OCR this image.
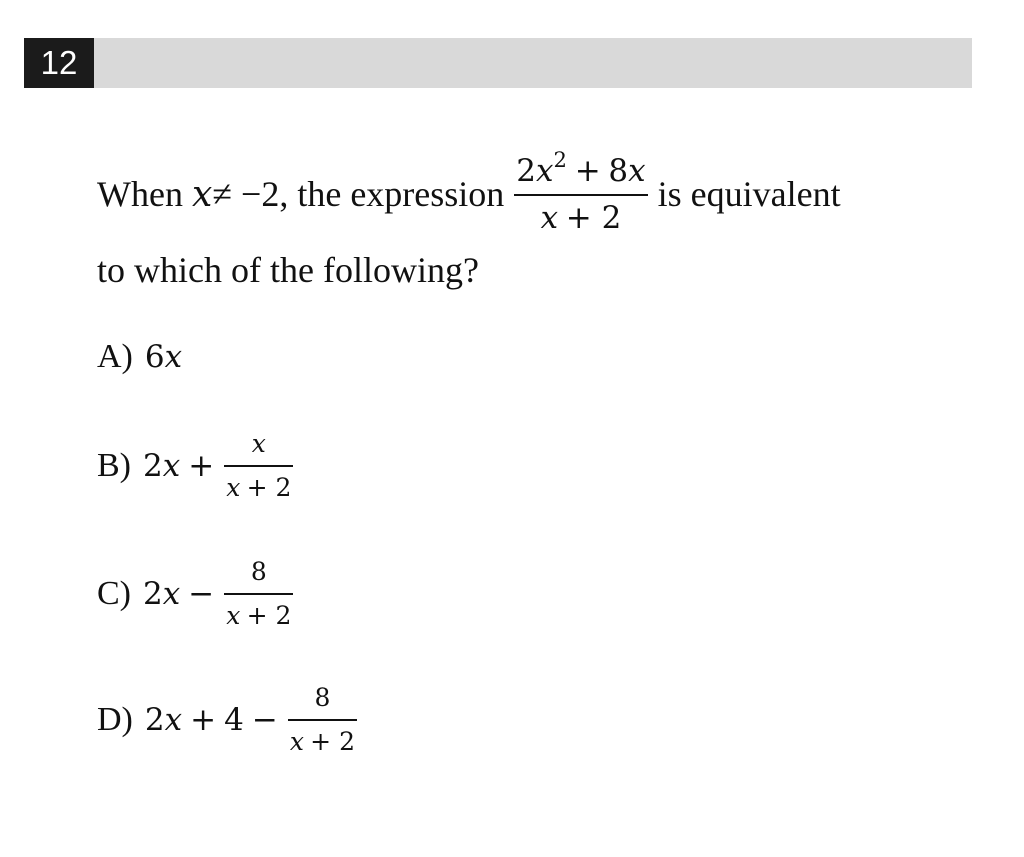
12
When
x ≠ −2, the expression $\frac{2x^2 + 8x}{x + 2}$ is equivalent
to which of the following?
A) 6 x
B) 2 $x + \frac{x}{x + 2}$
C) 2 $x - \frac{8}{x + 2}$
D) 2 $x + 4 - \frac{8}{x + 2}$
